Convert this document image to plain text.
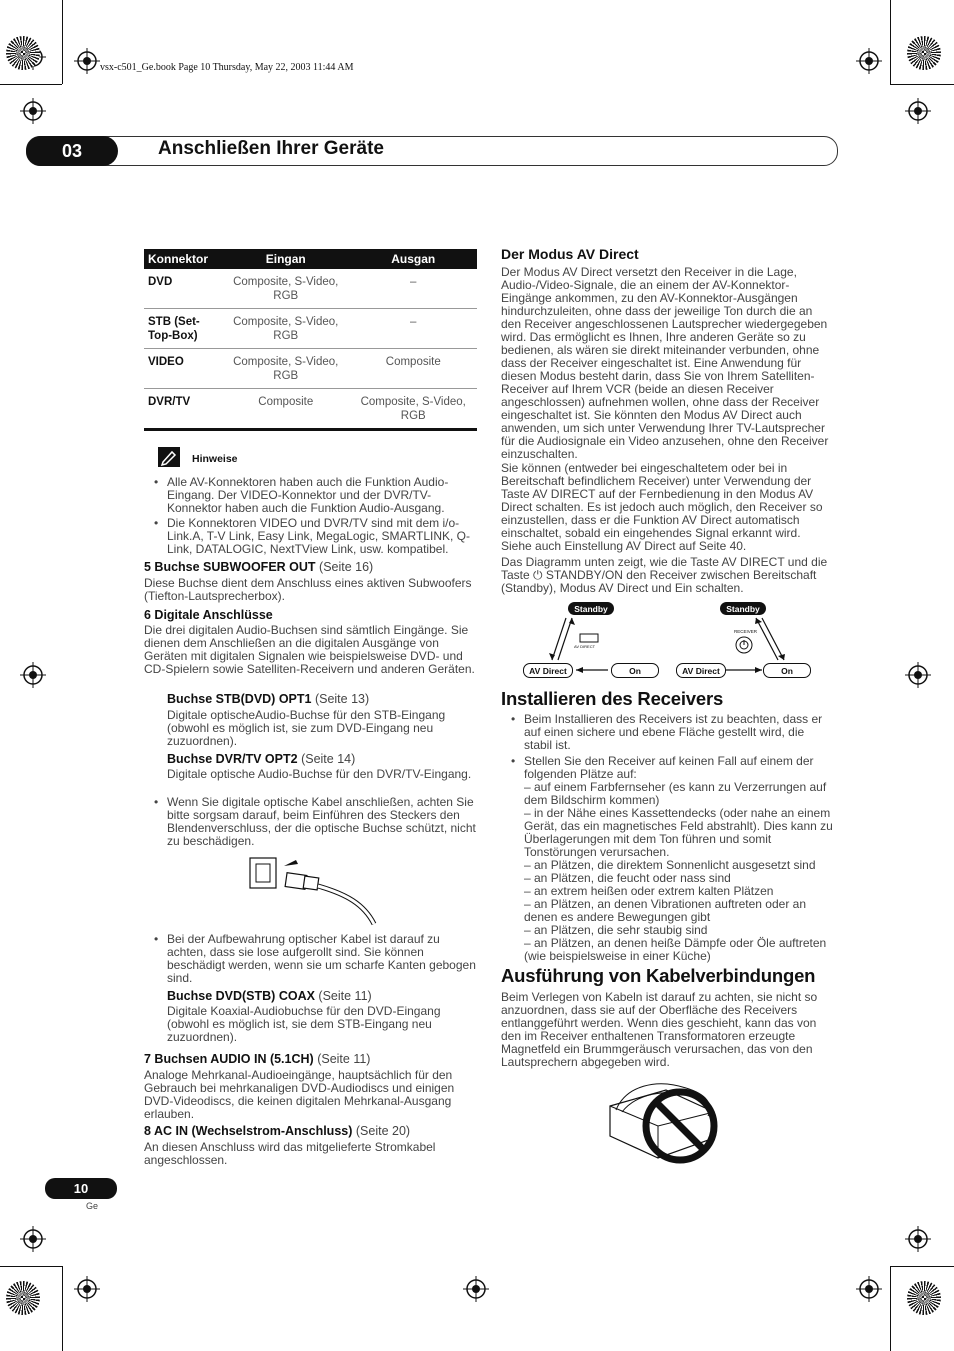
vsx-c501_Ge.book Page 10 Thursday, May 22, 2003 11:44 AM
03	Anschließen Ihrer Geräte
Konnektor	Eingan	Ausgan
DVD	Composite, S-Video, RGB	–
STB (Set-Top-Box)	Composite, S-Video, RGB	–
VIDEO	Composite, S-Video, RGB	Composite
DVR/TV	Composite	Composite, S-Video, RGB
Hinweise
• Alle AV-Konnektoren haben auch die Funktion Audio-Eingang. Der VIDEO-Konnektor und der DVR/TV-Konnektor haben auch die Funktion Audio-Ausgang.
• Die Konnektoren VIDEO und DVR/TV sind mit dem i/o-Link.A, T-V Link, Easy Link, MegaLogic, SMARTLINK, Q-Link, DATALOGIC, NextTView Link, usw. kompatibel.
5 Buchse SUBWOOFER OUT (Seite 16)
Diese Buchse dient dem Anschluss eines aktiven Subwoofers (Tiefton-Lautsprecherbox).
6 Digitale Anschlüsse
Die drei digitalen Audio-Buchsen sind sämtlich Eingänge. Sie dienen dem Anschließen an die digitalen Ausgänge von Geräten mit digitalen Signalen wie beispielsweise DVD- und CD-Spielern sowie Satelliten-Receivern und anderen Geräten.
Buchse STB(DVD) OPT1 (Seite 13)
Digitale optischeAudio-Buchse für den STB-Eingang (obwohl es möglich ist, sie zum DVD-Eingang neu zuzuordnen).
Buchse DVR/TV OPT2 (Seite 14)
Digitale optische Audio-Buchse für den DVR/TV-Eingang.
• Wenn Sie digitale optische Kabel anschließen, achten Sie bitte sorgsam darauf, beim Einführen des Steckers den Blendenverschluss, der die optische Buchse schützt, nicht zu beschädigen.
• Bei der Aufbewahrung optischer Kabel ist darauf zu achten, dass sie lose aufgerollt sind. Sie können beschädigt werden, wenn sie um scharfe Kanten gebogen sind.
Buchse DVD(STB) COAX (Seite 11)
Digitale Koaxial-Audiobuchse für den DVD-Eingang (obwohl es möglich ist, sie dem STB-Eingang neu zuzuordnen).
7 Buchsen AUDIO IN (5.1CH) (Seite 11)
Analoge Mehrkanal-Audioeingänge, hauptsächlich für den Gebrauch bei mehrkanaligen DVD-Audiodiscs und einigen DVD-Videodiscs, die keinen digitalen Mehrkanal-Ausgang erlauben.
8 AC IN (Wechselstrom-Anschluss) (Seite 20)
An diesen Anschluss wird das mitgelieferte Stromkabel angeschlossen.
Der Modus AV Direct
Der Modus AV Direct versetzt den Receiver in die Lage, Audio-/Video-Signale, die an einem der AV-Konnektor-Eingänge ankommen, zu den AV-Konnektor-Ausgängen hindurchzuleiten, ohne dass der jeweilige Ton durch die an den Receiver angeschlossenen Lautsprecher wiedergegeben wird. Das ermöglicht es Ihnen, Ihre anderen Geräte so zu bedienen, als wären sie direkt miteinander verbunden, ohne dass der Receiver eingeschaltet ist. Eine Anwendung für diesen Modus besteht darin, dass Sie von Ihrem Satelliten-Receiver auf Ihrem VCR (beide an diesen Receiver angeschlossen) aufnehmen wollen, ohne dass der Receiver eingeschaltet ist. Sie könnten den Modus AV Direct auch anwenden, um sich unter Verwendung Ihrer TV-Lautsprecher für die Audiosignale ein Video anzusehen, ohne den Receiver einzuschalten.
Sie können (entweder bei eingeschaltetem oder bei in Bereitschaft befindlichem Receiver) unter Verwendung der Taste AV DIRECT auf der Fernbedienung in den Modus AV Direct schalten. Es ist jedoch auch möglich, den Receiver so einzustellen, dass er die Funktion AV Direct automatisch einschaltet, sobald ein eingehendes Signal erkannt wird. Siehe auch Einstellung AV Direct auf Seite 40.
Das Diagramm unten zeigt, wie die Taste AV DIRECT und die Taste ⏻ STANDBY/ON den Receiver zwischen Bereitschaft (Standby), Modus AV Direct und Ein schalten.
Standby	Standby
AV Direct	On	AV Direct	On
AV DIRECT
RECEIVER
Installieren des Receivers
• Beim Installieren des Receivers ist zu beachten, dass er auf einen sichere und ebene Fläche gestellt wird, die stabil ist.
• Stellen Sie den Receiver auf keinen Fall auf einem der folgenden Plätze auf:
– auf einem Farbfernseher (es kann zu Verzerrungen auf dem Bildschirm kommen)
– in der Nähe eines Kassettendecks (oder nahe an einem Gerät, das ein magnetisches Feld abstrahlt). Dies kann zu Überlagerungen mit dem Ton führen und somit Tonstörungen verursachen.
– an Plätzen, die direktem Sonnenlicht ausgesetzt sind
– an Plätzen, die feucht oder nass sind
– an extrem heißen oder extrem kalten Plätzen
– an Plätzen, an denen Vibrationen auftreten oder an denen es andere Bewegungen gibt
– an Plätzen, die sehr staubig sind
– an Plätzen, an denen heiße Dämpfe oder Öle auftreten (wie beispielsweise in einer Küche)
Ausführung von Kabelverbindungen
Beim Verlegen von Kabeln ist darauf zu achten, sie nicht so anzuordnen, dass sie auf der Oberfläche des Receivers entlanggeführt werden. Wenn dies geschieht, kann das von den im Receiver enthaltenen Transformatoren erzeugte Magnetfeld ein Brummgeräusch verursachen, das von den Lautsprechern abgegeben wird.
10
Ge
